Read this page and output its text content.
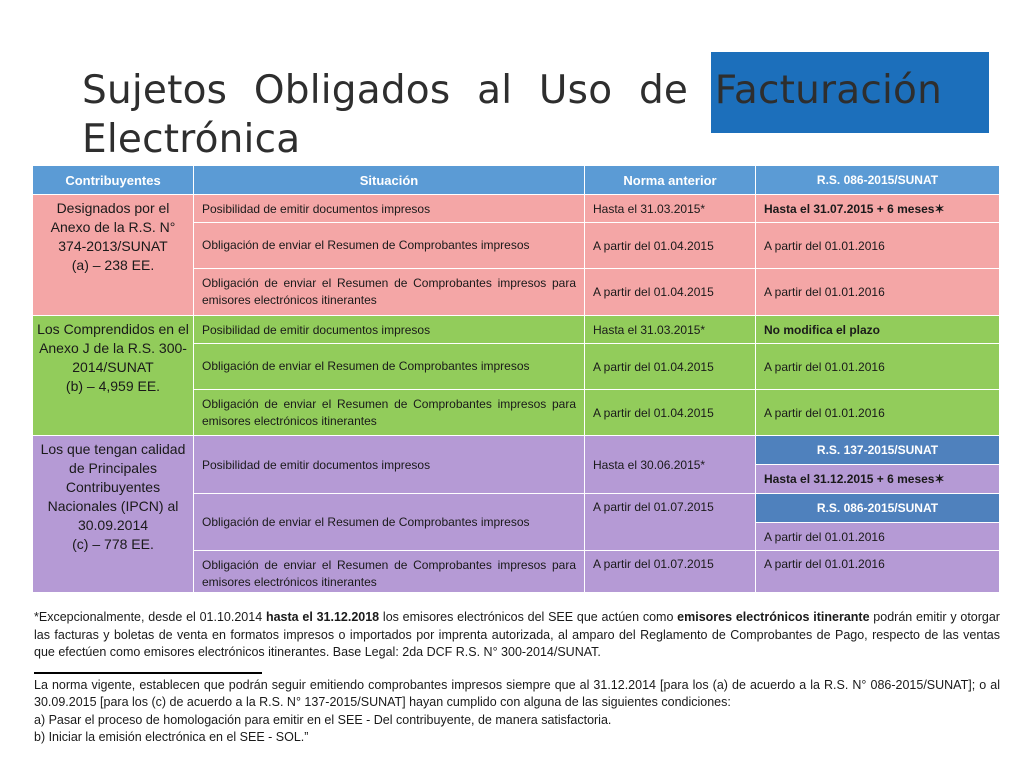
Sujetos Obligados al Uso de Facturación Electrónica
Contribuyentes	Situación	Norma anterior	R.S. 086-2015/SUNAT
Designados por el Anexo de la R.S. N° 374-2013/SUNAT
(a) – 238 EE.	Posibilidad de emitir documentos impresos	Hasta el 31.03.2015*	Hasta el 31.07.2015 + 6 meses✶
	Obligación de enviar el Resumen de Comprobantes impresos	A partir del 01.04.2015	A partir del 01.01.2016
	Obligación de enviar el Resumen de Comprobantes impresos para emisores electrónicos itinerantes	A partir del 01.04.2015	A partir del 01.01.2016
Los Comprendidos en el Anexo J de la R.S. 300-2014/SUNAT
(b) – 4,959 EE.	Posibilidad de emitir documentos impresos	Hasta el 31.03.2015*	No modifica el plazo
	Obligación de enviar el Resumen de Comprobantes impresos	A partir del 01.04.2015	A partir del 01.01.2016
	Obligación de enviar el Resumen de Comprobantes impresos para emisores electrónicos itinerantes	A partir del 01.04.2015	A partir del 01.01.2016
Los que tengan calidad de Principales Contribuyentes Nacionales (IPCN) al 30.09.2014
(c) – 778 EE.	Posibilidad de emitir documentos impresos	Hasta el 30.06.2015*	R.S. 137-2015/SUNAT
			Hasta el 31.12.2015 + 6 meses✶
	Obligación de enviar el Resumen de Comprobantes impresos	A partir del 01.07.2015	R.S. 086-2015/SUNAT
			A partir del 01.01.2016
	Obligación de enviar el Resumen de Comprobantes impresos para emisores electrónicos itinerantes	A partir del 01.07.2015	A partir del 01.01.2016

*Excepcionalmente, desde el 01.10.2014 hasta el 31.12.2018 los emisores electrónicos del SEE que actúen como emisores electrónicos itinerante podrán emitir y otorgar las facturas y boletas de venta en formatos impresos o importados por imprenta autorizada, al amparo del Reglamento de Comprobantes de Pago, respecto de las ventas que efectúen como emisores electrónicos itinerantes. Base Legal: 2da DCF R.S. N° 300-2014/SUNAT.

La norma vigente, establecen que podrán seguir emitiendo comprobantes impresos siempre que al 31.12.2014 [para los (a) de acuerdo a la R.S. N° 086-2015/SUNAT]; o al 30.09.2015 [para los (c) de acuerdo a la R.S. N° 137-2015/SUNAT] hayan cumplido con alguna de las siguientes condiciones:

a) Pasar el proceso de homologación para emitir en el SEE - Del contribuyente, de manera satisfactoria.

b) Iniciar la emisión electrónica en el SEE - SOL.”
